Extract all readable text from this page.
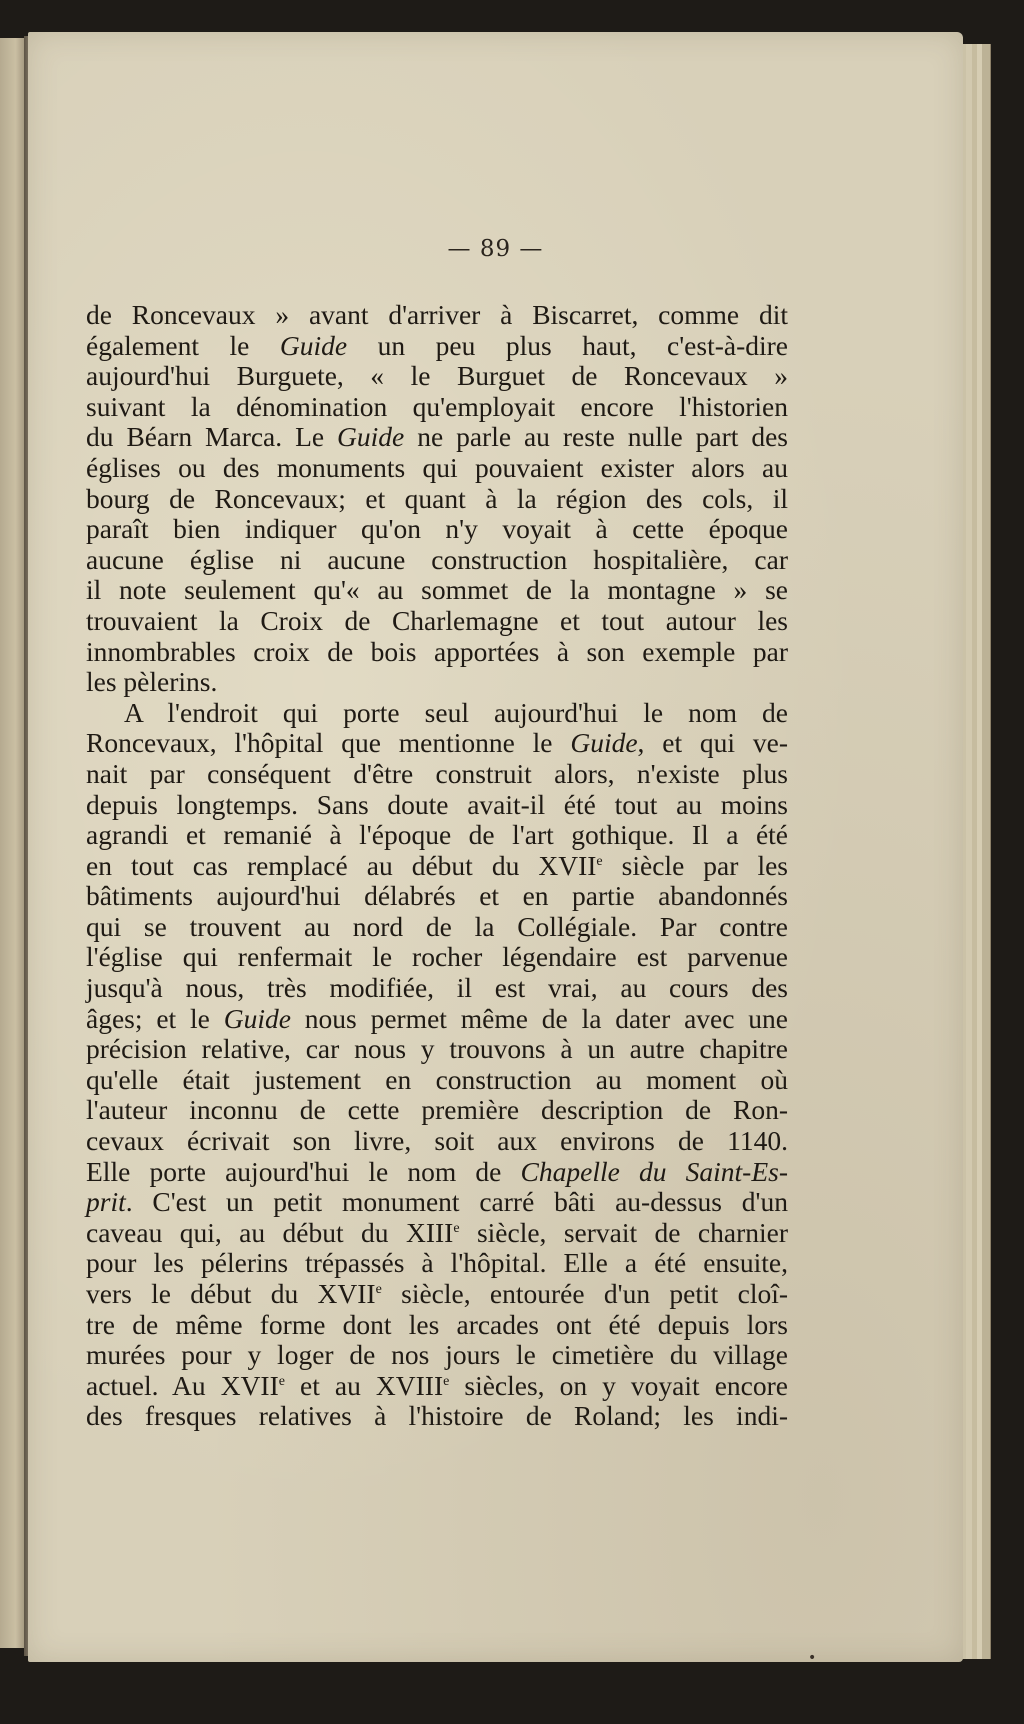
— 89 —
de Roncevaux » avant d'arriver à Biscarret, comme dit
également le Guide un peu plus haut, c'est-à-dire
aujourd'hui Burguete, « le Burguet de Roncevaux »
suivant la dénomination qu'employait encore l'historien
du Béarn Marca. Le Guide ne parle au reste nulle part des
églises ou des monuments qui pouvaient exister alors au
bourg de Roncevaux; et quant à la région des cols, il
paraît bien indiquer qu'on n'y voyait à cette époque
aucune église ni aucune construction hospitalière, car
il note seulement qu'« au sommet de la montagne » se
trouvaient la Croix de Charlemagne et tout autour les
innombrables croix de bois apportées à son exemple par
les pèlerins.
A l'endroit qui porte seul aujourd'hui le nom de
Roncevaux, l'hôpital que mentionne le Guide, et qui ve-
nait par conséquent d'être construit alors, n'existe plus
depuis longtemps. Sans doute avait-il été tout au moins
agrandi et remanié à l'époque de l'art gothique. Il a été
en tout cas remplacé au début du XVIIe siècle par les
bâtiments aujourd'hui délabrés et en partie abandonnés
qui se trouvent au nord de la Collégiale. Par contre
l'église qui renfermait le rocher légendaire est parvenue
jusqu'à nous, très modifiée, il est vrai, au cours des
âges; et le Guide nous permet même de la dater avec une
précision relative, car nous y trouvons à un autre chapitre
qu'elle était justement en construction au moment où
l'auteur inconnu de cette première description de Ron-
cevaux écrivait son livre, soit aux environs de 1140.
Elle porte aujourd'hui le nom de Chapelle du Saint-Es-
prit. C'est un petit monument carré bâti au-dessus d'un
caveau qui, au début du XIIIe siècle, servait de charnier
pour les pélerins trépassés à l'hôpital. Elle a été ensuite,
vers le début du XVIIe siècle, entourée d'un petit cloî-
tre de même forme dont les arcades ont été depuis lors
murées pour y loger de nos jours le cimetière du village
actuel. Au XVIIe et au XVIIIe siècles, on y voyait encore
des fresques relatives à l'histoire de Roland; les indi-
•
